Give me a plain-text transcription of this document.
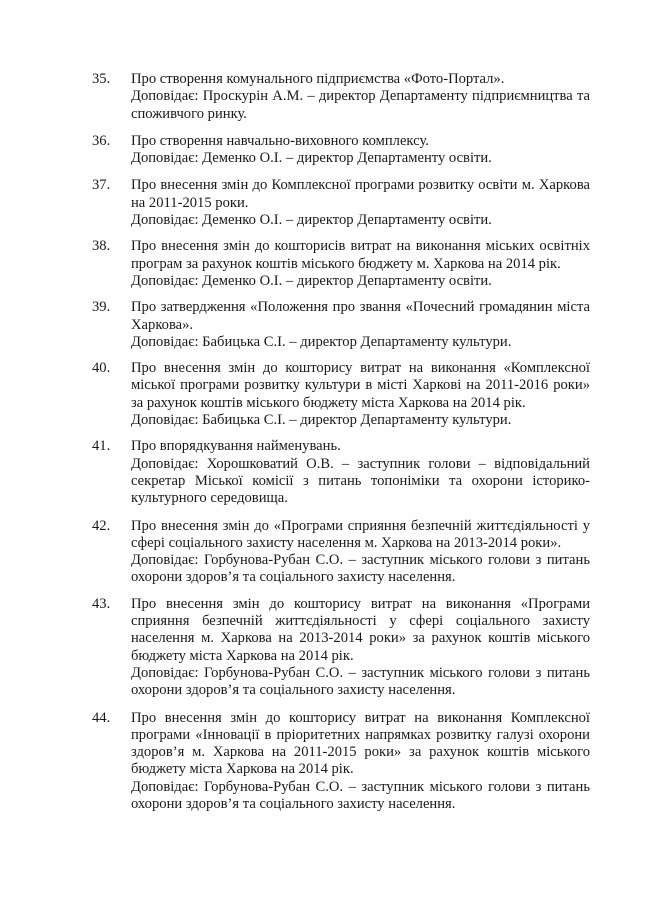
35.	Про створення комунального підприємства «Фото-Портал».
Доповідає: Проскурін А.М. – директор Департаменту підприємництва та споживчого ринку.
36.	Про створення навчально-виховного комплексу.
Доповідає: Деменко О.І. – директор Департаменту освіти.
37.	Про внесення змін до Комплексної програми розвитку освіти м. Харкова на 2011-2015 роки.
Доповідає: Деменко О.І. – директор Департаменту освіти.
38.	Про внесення змін до кошторисів витрат на виконання міських освітніх програм за рахунок коштів міського бюджету м. Харкова на 2014 рік.
Доповідає: Деменко О.І. – директор Департаменту освіти.
39.	Про затвердження «Положення про звання «Почесний громадянин міста Харкова».
Доповідає: Бабицька С.І. – директор Департаменту культури.
40.	Про внесення змін до кошторису витрат на виконання «Комплексної міської програми розвитку культури в місті Харкові на 2011-2016 роки» за рахунок коштів міського бюджету міста Харкова на 2014 рік.
Доповідає: Бабицька С.І. – директор Департаменту культури.
41.	Про впорядкування найменувань.
Доповідає: Хорошковатий О.В. – заступник голови – відповідальний секретар Міської комісії з питань топоніміки та охорони історико-культурного середовища.
42.	Про внесення змін до «Програми сприяння безпечній життєдіяльності у сфері соціального захисту населення м. Харкова на 2013-2014 роки».
Доповідає: Горбунова-Рубан С.О. – заступник міського голови з питань охорони здоров’я та соціального захисту населення.
43.	Про внесення змін до кошторису витрат на виконання «Програми сприяння безпечній життєдіяльності у сфері соціального захисту населення м. Харкова на 2013-2014 роки» за рахунок коштів міського бюджету міста Харкова на 2014 рік.
Доповідає: Горбунова-Рубан С.О. – заступник міського голови з питань охорони здоров’я та соціального захисту населення.
44.	Про внесення змін до кошторису витрат на виконання Комплексної програми «Інновації в пріоритетних напрямках розвитку галузі охорони здоров’я м. Харкова на 2011-2015 роки» за рахунок коштів міського бюджету міста Харкова на 2014 рік.
Доповідає: Горбунова-Рубан С.О. – заступник міського голови з питань охорони здоров’я та соціального захисту населення.
